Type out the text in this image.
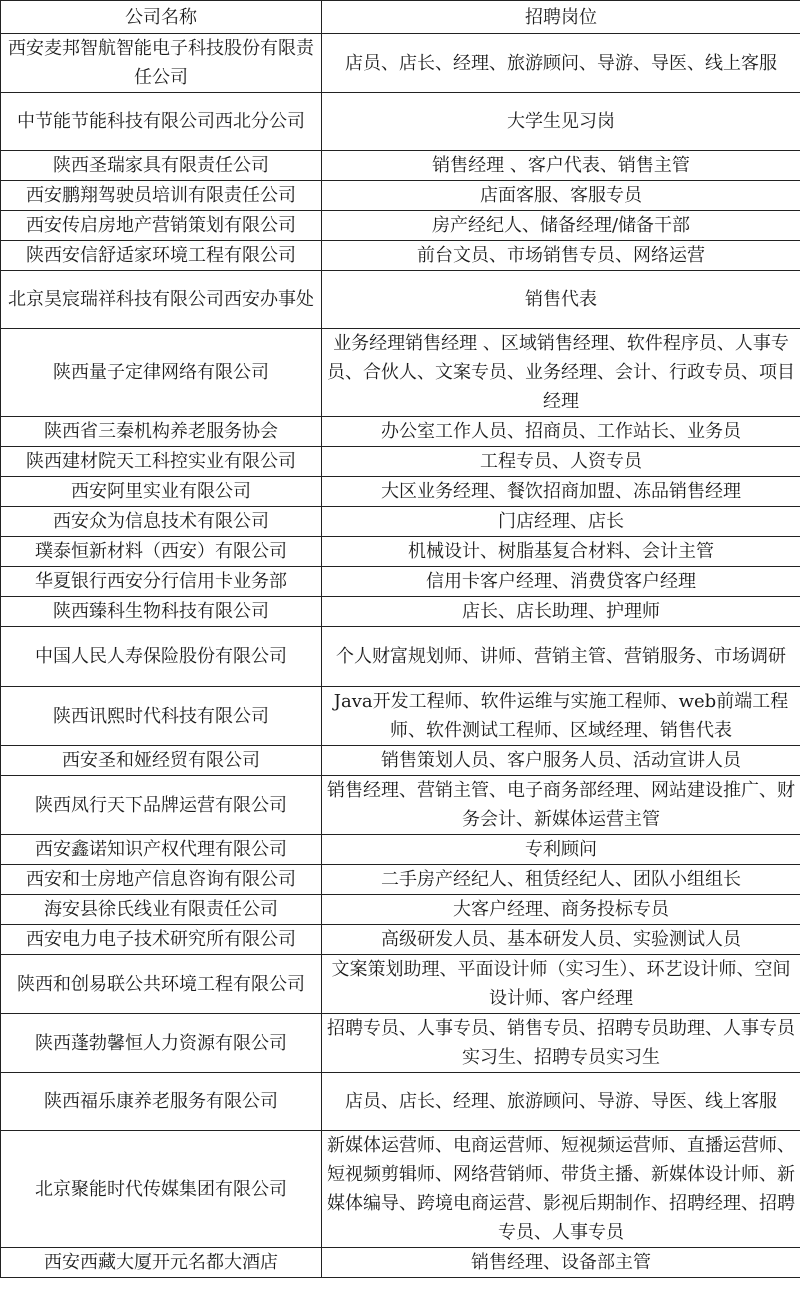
公司名称	招聘岗位
西安麦邦智航智能电子科技股份有限责任公司	店员、店长、经理、旅游顾问、导游、导医、线上客服
中节能节能科技有限公司西北分公司	大学生见习岗
陕西圣瑞家具有限责任公司	销售经理 、客户代表、销售主管
西安鹏翔驾驶员培训有限责任公司	店面客服、客服专员
西安传启房地产营销策划有限公司	房产经纪人、储备经理/储备干部
陕西安信舒适家环境工程有限公司	前台文员、市场销售专员、网络运营
北京昊宸瑞祥科技有限公司西安办事处	销售代表
陕西量子定律网络有限公司	业务经理销售经理 、区域销售经理、软件程序员、人事专员、合伙人、文案专员、业务经理、会计、行政专员、项目经理
陕西省三秦机构养老服务协会	办公室工作人员、招商员、工作站长、业务员
陕西建材院天工科控实业有限公司	工程专员、人资专员
西安阿里实业有限公司	大区业务经理、餐饮招商加盟、冻品销售经理
西安众为信息技术有限公司	门店经理、店长
璞泰恒新材料（西安）有限公司	机械设计、树脂基复合材料、会计主管
华夏银行西安分行信用卡业务部	信用卡客户经理、消费贷客户经理
陕西臻科生物科技有限公司	店长、店长助理、护理师
中国人民人寿保险股份有限公司	个人财富规划师、讲师、营销主管、营销服务、市场调研
陕西讯熙时代科技有限公司	Java开发工程师、软件运维与实施工程师、web前端工程师、软件测试工程师、区域经理、销售代表
西安圣和娅经贸有限公司	销售策划人员、客户服务人员、活动宣讲人员
陕西凤行天下品牌运营有限公司	销售经理、营销主管、电子商务部经理、网站建设推广、财务会计、新媒体运营主管
西安鑫诺知识产权代理有限公司	专利顾问
西安和士房地产信息咨询有限公司	二手房产经纪人、租赁经纪人、团队小组组长
海安县徐氏线业有限责任公司	大客户经理、商务投标专员
西安电力电子技术研究所有限公司	高级研发人员、基本研发人员、实验测试人员
陕西和创易联公共环境工程有限公司	文案策划助理、平面设计师（实习生）、环艺设计师、空间设计师、客户经理
陕西蓬勃馨恒人力资源有限公司	招聘专员、人事专员、销售专员、招聘专员助理、人事专员实习生、招聘专员实习生
陕西福乐康养老服务有限公司	店员、店长、经理、旅游顾问、导游、导医、线上客服
北京聚能时代传媒集团有限公司	新媒体运营师、电商运营师、短视频运营师、直播运营师、短视频剪辑师、网络营销师、带货主播、新媒体设计师、新媒体编导、跨境电商运营、影视后期制作、招聘经理、招聘专员、人事专员
西安西藏大厦开元名都大酒店	销售经理、设备部主管
